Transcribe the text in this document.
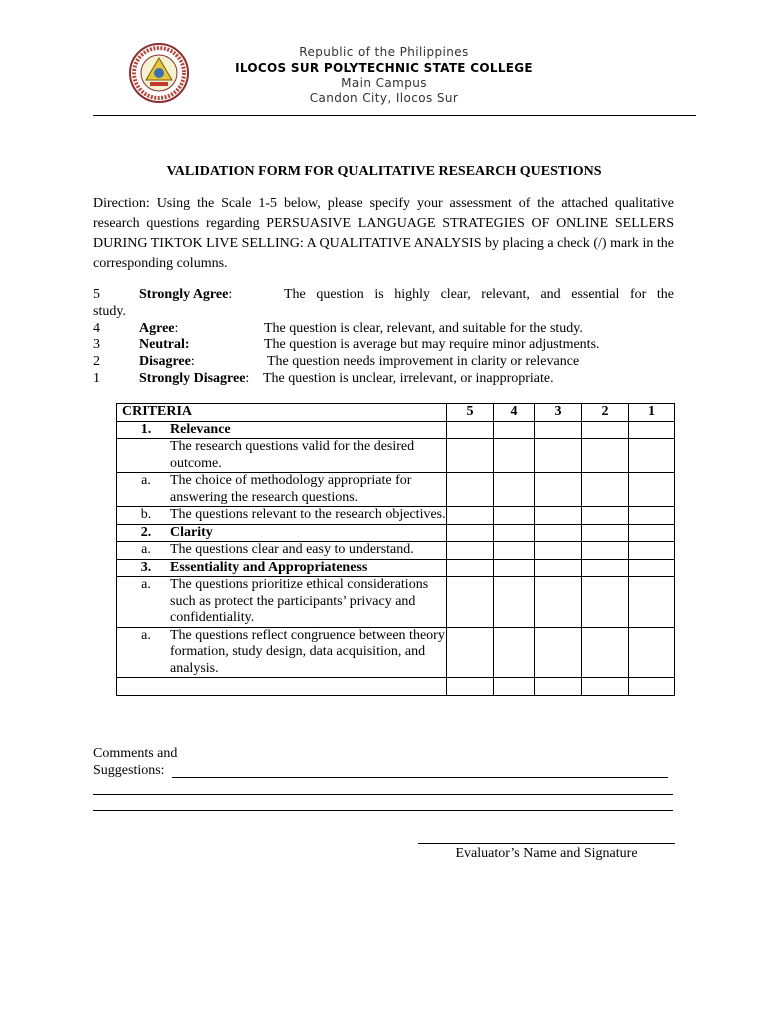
Republic of the Philippines
ILOCOS SUR POLYTECHNIC STATE COLLEGE
Main Campus
Candon City, Ilocos Sur
VALIDATION FORM FOR QUALITATIVE RESEARCH QUESTIONS
Direction: Using the Scale 1-5 below, please specify your assessment of the attached qualitative research questions regarding PERSUASIVE LANGUAGE STRATEGIES OF ONLINE SELLERS DURING TIKTOK LIVE SELLING: A QUALITATIVE ANALYSIS by placing a check (/) mark in the corresponding columns.
5	Strongly Agree:	The question is highly clear, relevant, and essential for the
study.
4	Agree:	The question is clear, relevant, and suitable for the study.
3	Neutral:	The question is average but may require minor adjustments.
2	Disagree:	The question needs improvement in clarity or relevance
1	Strongly Disagree: The question is unclear, irrelevant, or inappropriate.
CRITERIA	5	4	3	2	1

1. Relevance					

The research questions valid for the desired outcome.					

a. The choice of methodology appropriate for answering the research questions.					

b. The questions relevant to the research objectives.					

2. Clarity					

a. The questions clear and easy to understand.					

3. Essentiality and Appropriateness					

a. The questions prioritize ethical considerations such as protect the participants’ privacy and confidentiality.					

a. The questions reflect congruence between theory formation, study design, data acquisition, and analysis.					

Comments and
Suggestions:
Evaluator’s Name and Signature
